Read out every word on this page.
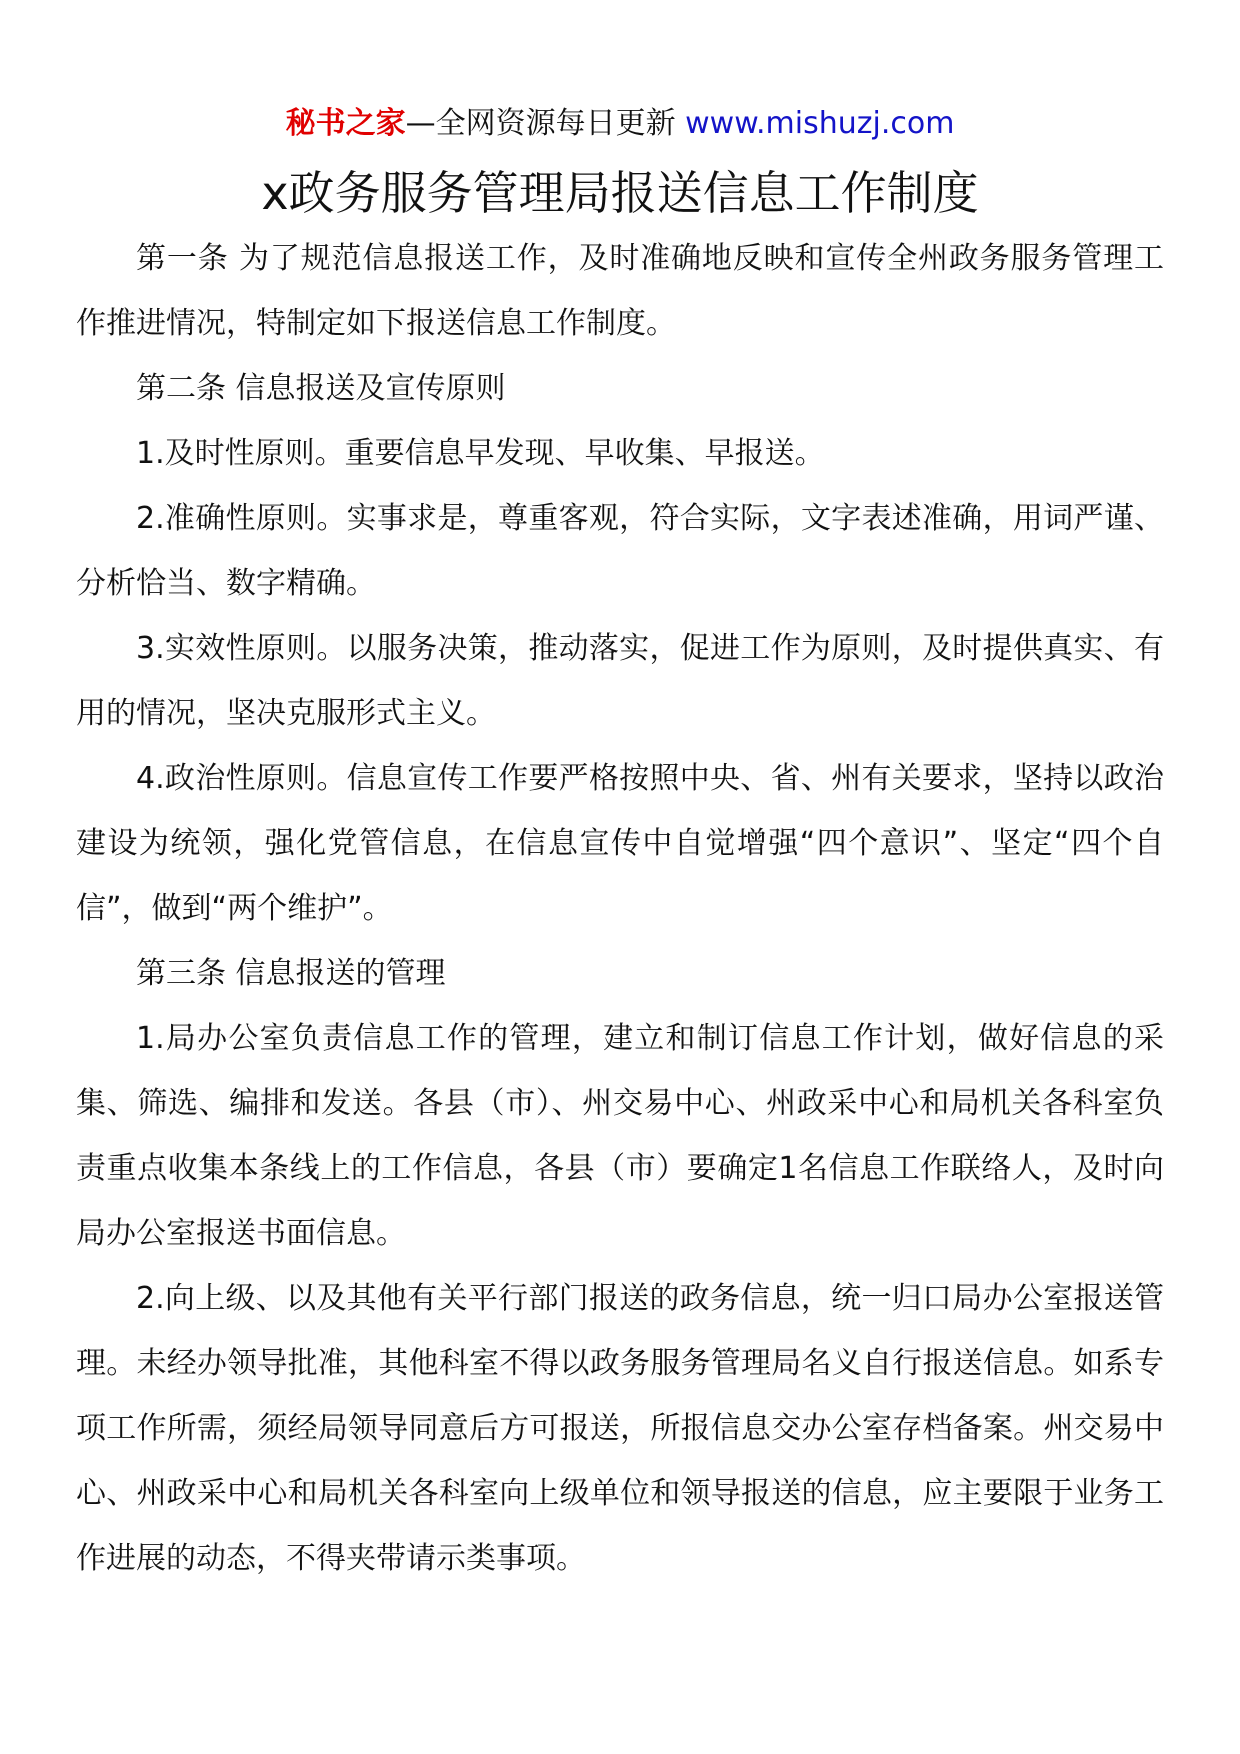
秘书之家—全网资源每日更新 www.mishuzj.com
x政务服务管理局报送信息工作制度

第一条 为了规范信息报送工作，及时准确地反映和宣传全州政务服务管理工作推进情况，特制定如下报送信息工作制度。

第二条 信息报送及宣传原则

1.及时性原则。重要信息早发现、早收集、早报送。

2.准确性原则。实事求是，尊重客观，符合实际，文字表述准确，用词严谨、分析恰当、数字精确。

3.实效性原则。以服务决策，推动落实，促进工作为原则，及时提供真实、有用的情况，坚决克服形式主义。

4.政治性原则。信息宣传工作要严格按照中央、省、州有关要求，坚持以政治建设为统领，强化党管信息，在信息宣传中自觉增强“四个意识”、坚定“四个自信”，做到“两个维护”。

第三条 信息报送的管理

1.局办公室负责信息工作的管理，建立和制订信息工作计划，做好信息的采集、筛选、编排和发送。各县（市）、州交易中心、州政采中心和局机关各科室负责重点收集本条线上的工作信息，各县（市）要确定1名信息工作联络人，及时向局办公室报送书面信息。

2.向上级、以及其他有关平行部门报送的政务信息，统一归口局办公室报送管理。未经办领导批准，其他科室不得以政务服务管理局名义自行报送信息。如系专项工作所需，须经局领导同意后方可报送，所报信息交办公室存档备案。州交易中心、州政采中心和局机关各科室向上级单位和领导报送的信息，应主要限于业务工作进展的动态，不得夹带请示类事项。
